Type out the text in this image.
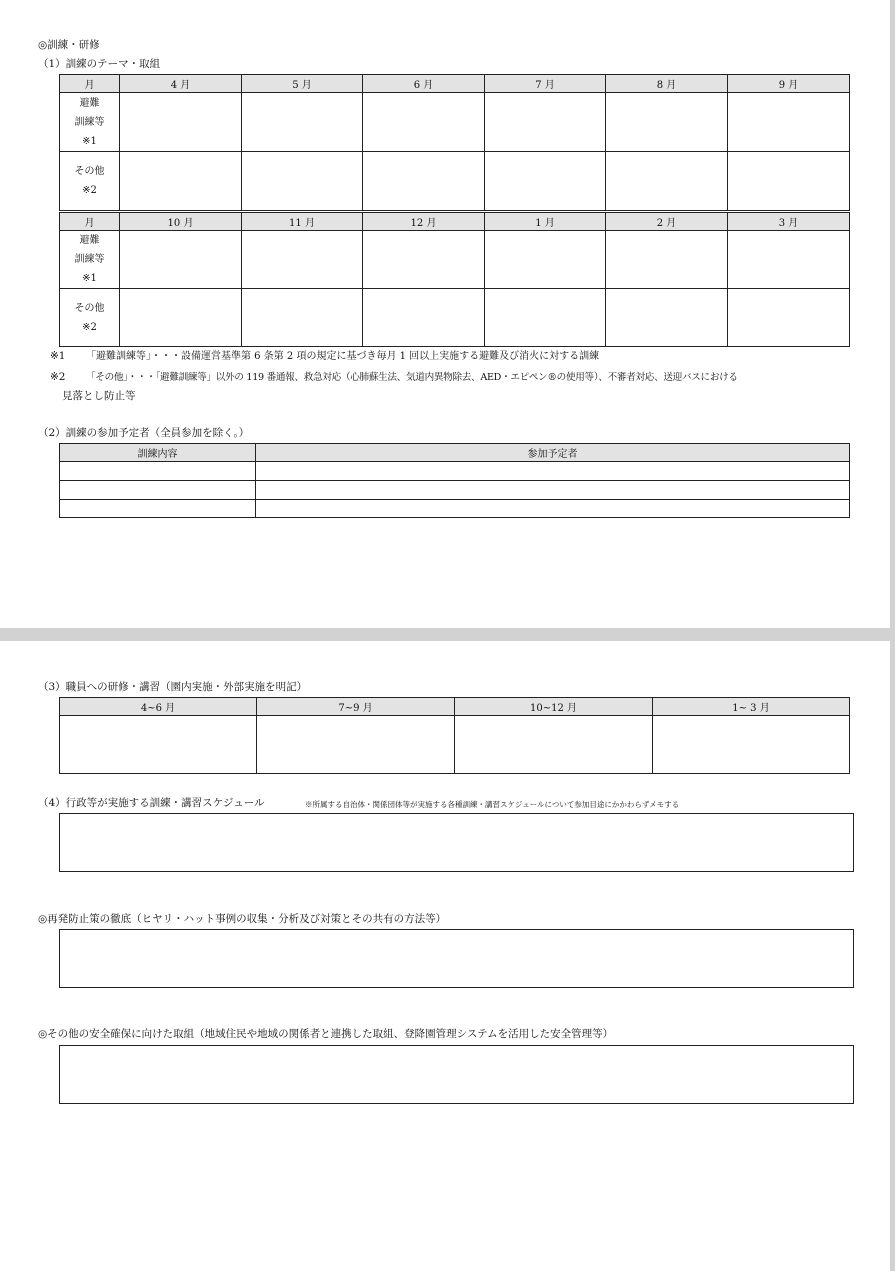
◎訓練・研修
（1）訓練のテーマ・取組
月	4 月	5 月	6 月	7 月	8 月	9 月

避難
訓練等
※1						

その他
※2						

月	10 月	11 月	12 月	1 月	2 月	3 月

避難
訓練等
※1						

その他
※2						

※1 「避難訓練等」・・・設備運営基準第 6 条第 2 項の規定に基づき毎月 1 回以上実施する避難及び消火に対する訓練
※2 「その他」・・・「避難訓練等」以外の 119 番通報、救急対応（心肺蘇生法、気道内異物除去、AED・エピペン®の使用等）、不審者対応、送迎バスにおける
見落とし防止等
（2）訓練の参加予定者（全員参加を除く。）
訓練内容	参加予定者

（3）職員への研修・講習（園内実施・外部実施を明記）
4~6 月	7~9 月	10~12 月	1~ 3 月

（4）行政等が実施する訓練・講習スケジュール	※所属する自治体・関係団体等が実施する各種訓練・講習スケジュールについて参加目途にかかわらずメモする
◎再発防止策の徹底（ヒヤリ・ハット事例の収集・分析及び対策とその共有の方法等）
◎その他の安全確保に向けた取組（地域住民や地域の関係者と連携した取組、登降園管理システムを活用した安全管理等）
